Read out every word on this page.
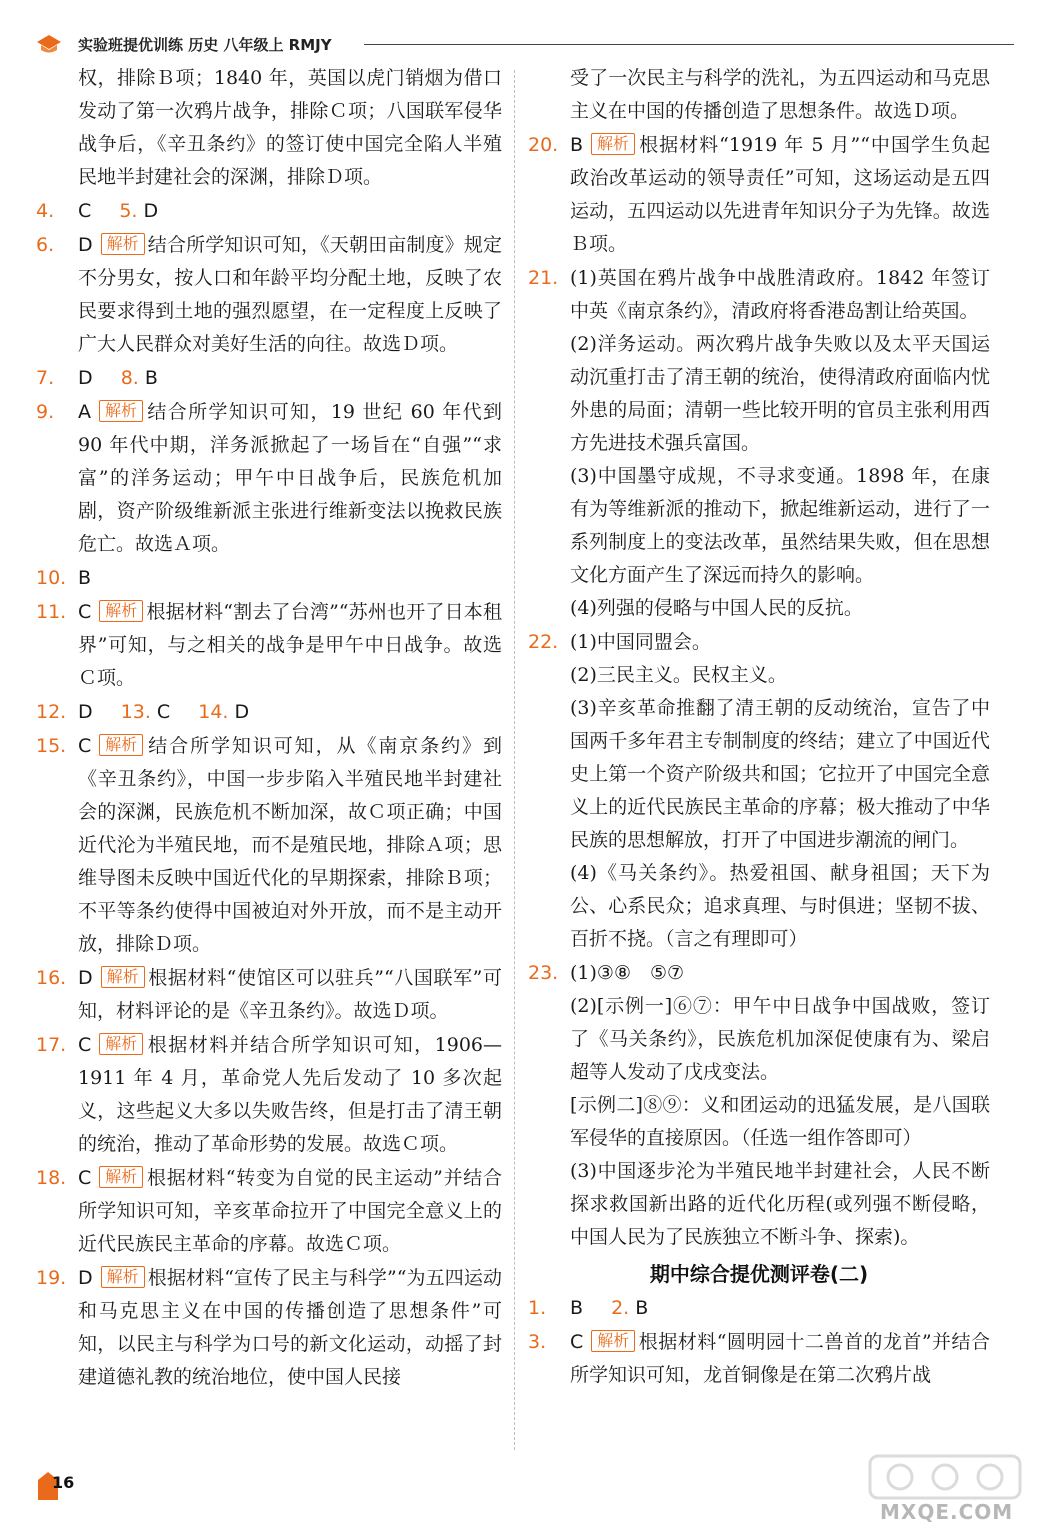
实验班提优训练 历史 八年级上 RMJY
权，排除Ｂ项；1840 年，英国以虎门销烟为借口发动了第一次鸦片战争，排除Ｃ项；八国联军侵华战争后，《辛丑条约》的签订使中国完全陷人半殖民地半封建社会的深渊，排除Ｄ项。
4.	C 5. D
6.	D 解析 结合所学知识可知，《天朝田亩制度》规定不分男女，按人口和年龄平均分配土地，反映了农民要求得到土地的强烈愿望，在一定程度上反映了广大人民群众对美好生活的向往。故选Ｄ项。
7.	D 8. B
9.	A 解析 结合所学知识可知，19 世纪 60 年代到 90 年代中期，洋务派掀起了一场旨在“自强”“求富”的洋务运动；甲午中日战争后，民族危机加剧，资产阶级维新派主张进行维新变法以挽救民族危亡。故选Ａ项。
10. B
11. C 解析 根据材料“割去了台湾”“苏州也开了日本租界”可知，与之相关的战争是甲午中日战争。故选Ｃ项。
12. D 13. C 14. D
15. C 解析 结合所学知识可知，从《南京条约》到《辛丑条约》，中国一步步陷入半殖民地半封建社会的深渊，民族危机不断加深，故Ｃ项正确；中国近代沦为半殖民地，而不是殖民地，排除Ａ项；思维导图未反映中国近代化的早期探索，排除Ｂ项；不平等条约使得中国被迫对外开放，而不是主动开放，排除Ｄ项。
16. D 解析 根据材料“使馆区可以驻兵”“八国联军”可知，材料评论的是《辛丑条约》。故选Ｄ项。
17. C 解析 根据材料并结合所学知识可知，1906—1911 年 4 月，革命党人先后发动了 10 多次起义，这些起义大多以失败告终，但是打击了清王朝的统治，推动了革命形势的发展。故选Ｃ项。
18. C 解析 根据材料“转变为自觉的民主运动”并结合所学知识可知，辛亥革命拉开了中国完全意义上的近代民族民主革命的序幕。故选Ｃ项。
19. D 解析 根据材料“宣传了民主与科学”“为五四运动和马克思主义在中国的传播创造了思想条件”可知，以民主与科学为口号的新文化运动，动摇了封建道德礼教的统治地位，使中国人民接
受了一次民主与科学的洗礼，为五四运动和马克思主义在中国的传播创造了思想条件。故选Ｄ项。
20. B 解析 根据材料“1919 年 5 月”“中国学生负起政治改革运动的领导责任”可知，这场运动是五四运动，五四运动以先进青年知识分子为先锋。故选Ｂ项。
21. (1)英国在鸦片战争中战胜清政府。1842 年签订中英《南京条约》，清政府将香港岛割让给英国。
(2)洋务运动。两次鸦片战争失败以及太平天国运动沉重打击了清王朝的统治，使得清政府面临内忧外患的局面；清朝一些比较开明的官员主张利用西方先进技术强兵富国。
(3)中国墨守成规，不寻求变通。1898 年，在康有为等维新派的推动下，掀起维新运动，进行了一系列制度上的变法改革，虽然结果失败，但在思想文化方面产生了深远而持久的影响。
(4)列强的侵略与中国人民的反抗。
22. (1)中国同盟会。
(2)三民主义。民权主义。
(3)辛亥革命推翻了清王朝的反动统治，宣告了中国两千多年君主专制制度的终结；建立了中国近代史上第一个资产阶级共和国；它拉开了中国完全意义上的近代民族民主革命的序幕；极大推动了中华民族的思想解放，打开了中国进步潮流的闸门。
(4)《马关条约》。热爱祖国、献身祖国；天下为公、心系民众；追求真理、与时俱进；坚韧不拔、百折不挠。（言之有理即可）
23. (1)③⑧　⑤⑦
(2)[示例一]⑥⑦：甲午中日战争中国战败，签订了《马关条约》，民族危机加深促使康有为、梁启超等人发动了戊戌变法。
[示例二]⑧⑨：义和团运动的迅猛发展，是八国联军侵华的直接原因。（任选一组作答即可）
(3)中国逐步沦为半殖民地半封建社会，人民不断探求救国新出路的近代化历程(或列强不断侵略，中国人民为了民族独立不断斗争、探索)。
期中综合提优测评卷(二)
1.	B 2. B
3.	C 解析 根据材料“圆明园十二兽首的龙首”并结合所学知识可知，龙首铜像是在第二次鸦片战
16
MXQE.COM
